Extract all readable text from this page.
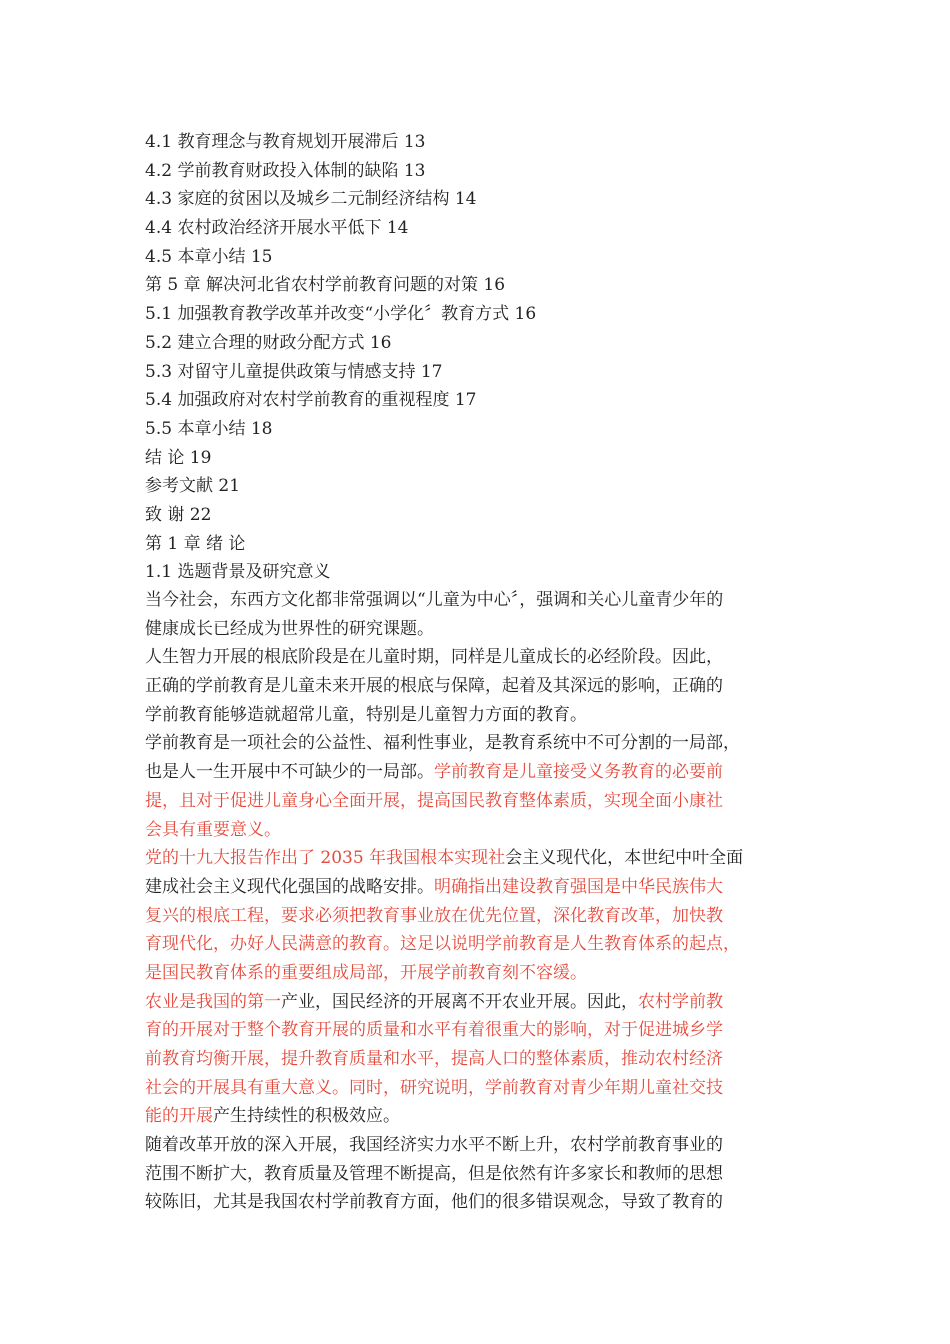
4.1 教育理念与教育规划开展滞后 13
4.2 学前教育财政投入体制的缺陷 13
4.3 家庭的贫困以及城乡二元制经济结构 14
4.4 农村政治经济开展水平低下 14
4.5 本章小结 15
第 5 章 解决河北省农村学前教育问题的对策 16
5.1 加强教育教学改革并改变“小学化〞教育方式 16
5.2 建立合理的财政分配方式 16
5.3 对留守儿童提供政策与情感支持 17
5.4 加强政府对农村学前教育的重视程度 17
5.5 本章小结 18
结 论 19
参考文献 21
致 谢 22
第 1 章 绪 论
1.1 选题背景及研究意义
当今社会，东西方文化都非常强调以“儿童为中心〞，强调和关心儿童青少年的
健康成长已经成为世界性的研究课题。
人生智力开展的根底阶段是在儿童时期，同样是儿童成长的必经阶段。因此，
正确的学前教育是儿童未来开展的根底与保障，起着及其深远的影响，正确的
学前教育能够造就超常儿童，特别是儿童智力方面的教育。
学前教育是一项社会的公益性、福利性事业，是教育系统中不可分割的一局部，
也是人一生开展中不可缺少的一局部。学前教育是儿童接受义务教育的必要前
提，且对于促进儿童身心全面开展，提高国民教育整体素质，实现全面小康社
会具有重要意义。
党的十九大报告作出了 2035 年我国根本实现社会主义现代化，本世纪中叶全面
建成社会主义现代化强国的战略安排。明确指出建设教育强国是中华民族伟大
复兴的根底工程，要求必须把教育事业放在优先位置，深化教育改革，加快教
育现代化，办好人民满意的教育。这足以说明学前教育是人生教育体系的起点，
是国民教育体系的重要组成局部，开展学前教育刻不容缓。
农业是我国的第一产业，国民经济的开展离不开农业开展。因此，农村学前教
育的开展对于整个教育开展的质量和水平有着很重大的影响，对于促进城乡学
前教育均衡开展，提升教育质量和水平，提高人口的整体素质，推动农村经济
社会的开展具有重大意义。同时，研究说明，学前教育对青少年期儿童社交技
能的开展产生持续性的积极效应。
随着改革开放的深入开展，我国经济实力水平不断上升，农村学前教育事业的
范围不断扩大，教育质量及管理不断提高，但是依然有许多家长和教师的思想
较陈旧，尤其是我国农村学前教育方面，他们的很多错误观念，导致了教育的
